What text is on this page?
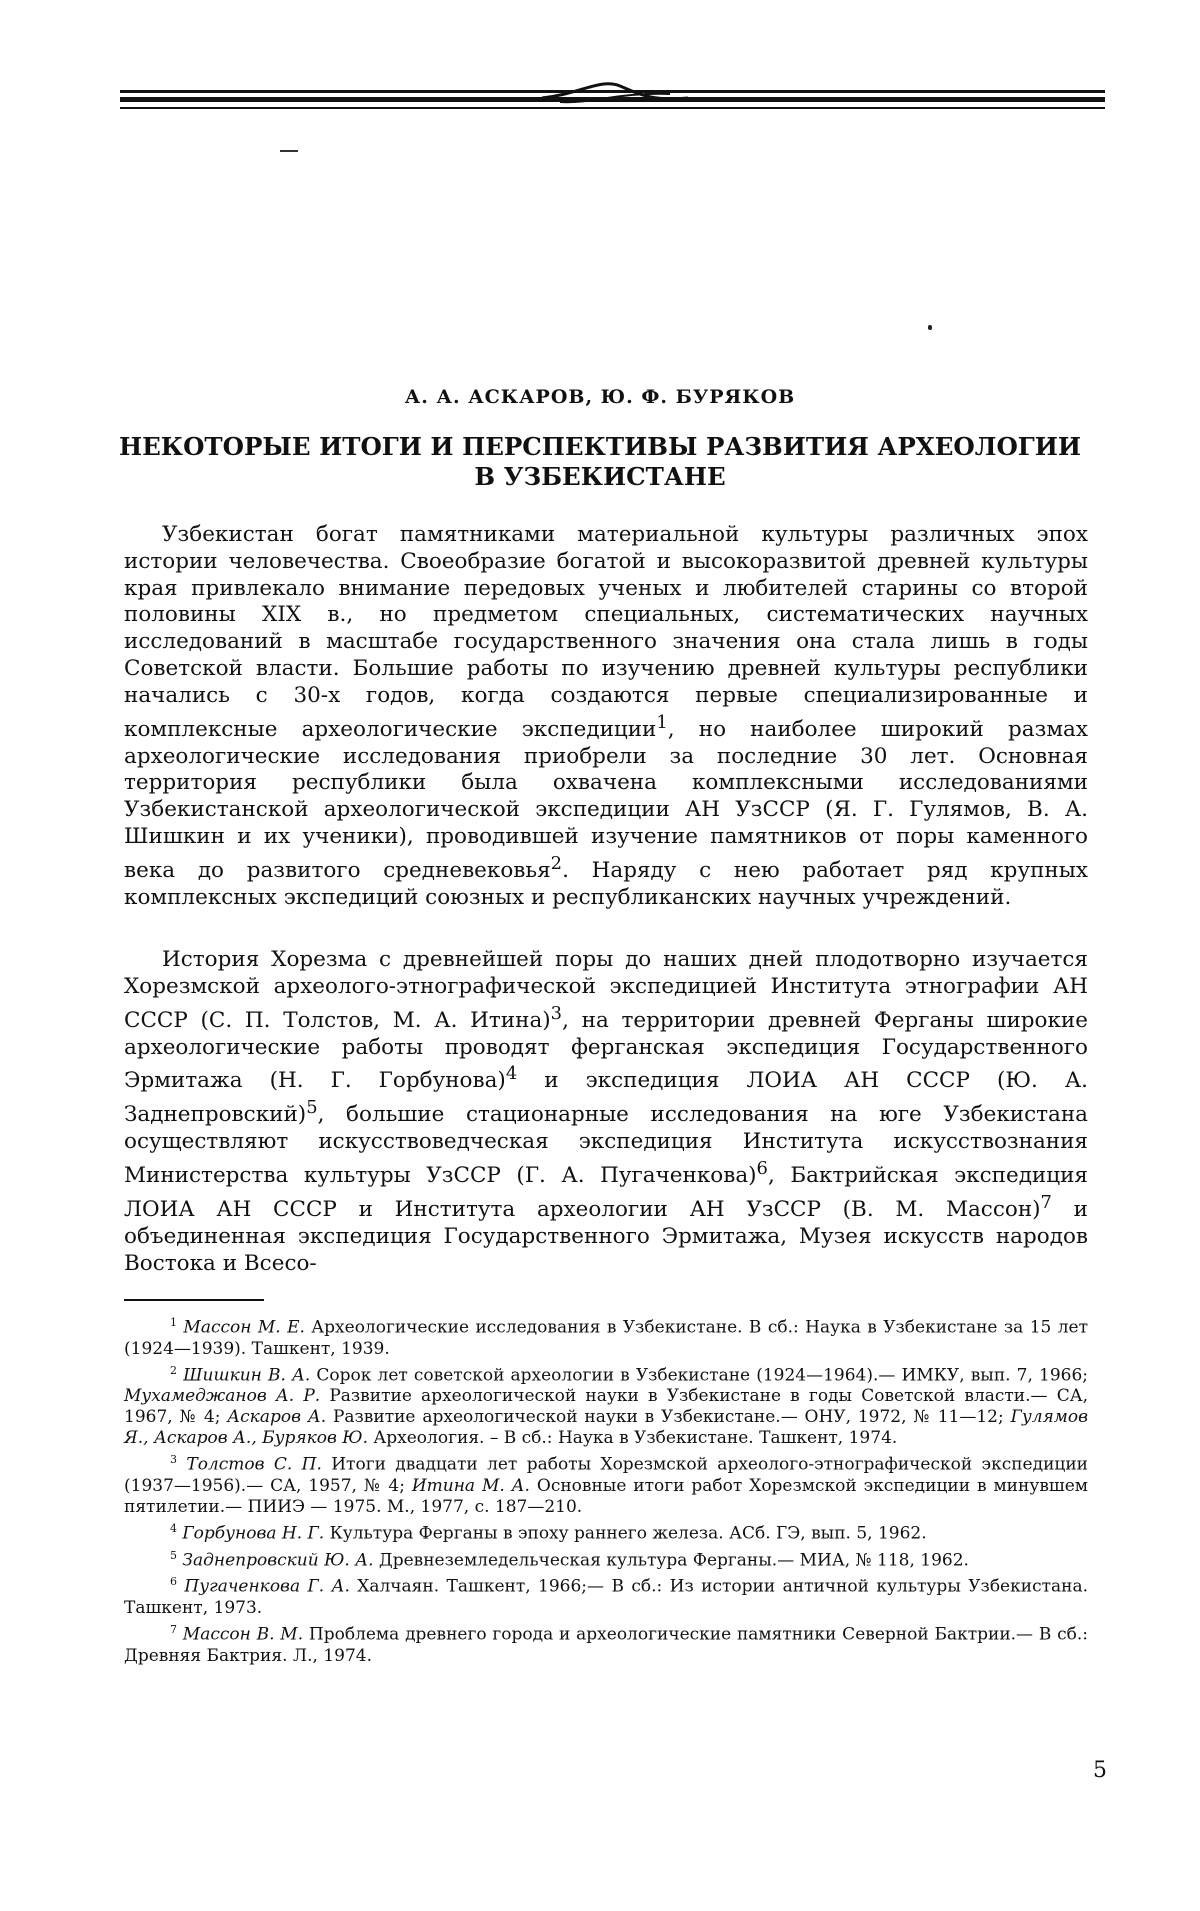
А. А. АСКАРОВ, Ю. Ф. БУРЯКОВ
НЕКОТОРЫЕ ИТОГИ И ПЕРСПЕКТИВЫ РАЗВИТИЯ АРХЕОЛОГИИ
В УЗБЕКИСТАНЕ
Узбекистан богат памятниками материальной культуры различных эпох истории человечества. Своеобразие богатой и высокоразвитой древней культуры края привлекало внимание передовых ученых и любителей старины со второй половины XIX в., но предметом специальных, систематических научных исследований в масштабе государственного значения она стала лишь в годы Советской власти. Большие работы по изучению древней культуры республики начались с 30-х годов, когда создаются первые специализированные и комплексные археологические экспедиции$^1$, но наиболее широкий размах археологические исследования приобрели за последние 30 лет. Основная территория республики была охвачена комплексными исследованиями Узбекистанской археологической экспедиции АН УзССР (Я. Г. Гулямов, В. А. Шишкин и их ученики), проводившей изучение памятников от поры каменного века до развитого средневековья$^2$. Наряду с нею работает ряд крупных комплексных экспедиций союзных и республиканских научных учреждений.
История Хорезма с древнейшей поры до наших дней плодотворно изучается Хорезмской археолого-этнографической экспедицией Института этнографии АН СССР (С. П. Толстов, М. А. Итина)$^3$, на территории древней Ферганы широкие археологические работы проводят ферганская экспедиция Государственного Эрмитажа (Н. Г. Горбунова)$^4$ и экспедиция ЛОИА АН СССР (Ю. А. Заднепровский)$^5$, большие стационарные исследования на юге Узбекистана осуществляют искусствоведческая экспедиция Института искусствознания Министерства культуры УзССР (Г. А. Пугаченкова)$^6$, Бактрийская экспедиция ЛОИА АН СССР и Института археологии АН УзССР (В. М. Массон)$^7$ и объединенная экспедиция Государственного Эрмитажа, Музея искусств народов Востока и Всесо-

$^1$ Массон М. Е. Археологические исследования в Узбекистане. В сб.: Наука в Узбекистане за 15 лет (1924—1939). Ташкент, 1939.

$^2$ Шишкин В. А. Сорок лет советской археологии в Узбекистане (1924—1964).— ИМКУ, вып. 7, 1966; Мухамеджанов А. Р. Развитие археологической науки в Узбекистане в годы Советской власти.— СА, 1967, № 4; Аскаров А. Развитие археологической науки в Узбекистане.— ОНУ, 1972, № 11—12; Гулямов Я., Аскаров А., Буряков Ю. Археология. – В сб.: Наука в Узбекистане. Ташкент, 1974.

$^3$ Толстов С. П. Итоги двадцати лет работы Хорезмской археолого-этнографической экспедиции (1937—1956).— СА, 1957, № 4; Итина М. А. Основные итоги работ Хорезмской экспедиции в минувшем пятилетии.— ПИИЭ — 1975. М., 1977, с. 187—210.

$^4$ Горбунова Н. Г. Культура Ферганы в эпоху раннего железа. АСб. ГЭ, вып. 5, 1962.

$^5$ Заднепровский Ю. А. Древнеземледельческая культура Ферганы.— МИА, № 118, 1962.

$^6$ Пугаченкова Г. А. Халчаян. Ташкент, 1966;— В сб.: Из истории античной культуры Узбекистана. Ташкент, 1973.

$^7$ Массон В. М. Проблема древнего города и археологические памятники Северной Бактрии.— В сб.: Древняя Бактрия. Л., 1974.

5
